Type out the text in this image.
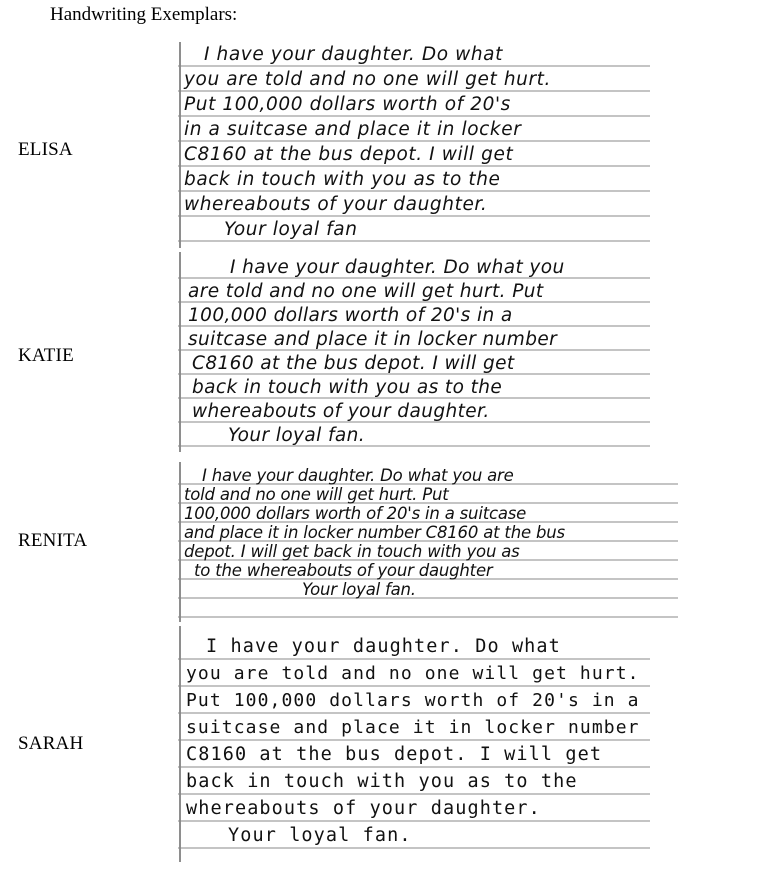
Handwriting Exemplars:
ELISA
I have your daughter. Do what
you are told and no one will get hurt.
Put 100,000 dollars worth of 20's
in a suitcase and place it in locker
C8160 at the bus depot. I will get
back in touch with you as to the
whereabouts of your daughter.
Your loyal fan
KATIE
I have your daughter. Do what you
are told and no one will get hurt. Put
100,000 dollars worth of 20's in a
suitcase and place it in locker number
C8160 at the bus depot. I will get
back in touch with you as to the
whereabouts of your daughter.
Your loyal fan.
RENITA
I have your daughter. Do what you are
told and no one will get hurt. Put
100,000 dollars worth of 20's in a suitcase
and place it in locker number C8160 at the bus
depot. I will get back in touch with you as
to the whereabouts of your daughter
Your loyal fan.
SARAH
I have your daughter. Do what
you are told and no one will get hurt.
Put 100,000 dollars worth of 20's in a
suitcase and place it in locker number
C8160 at the bus depot. I will get
back in touch with you as to the
whereabouts of your daughter.
Your loyal fan.
